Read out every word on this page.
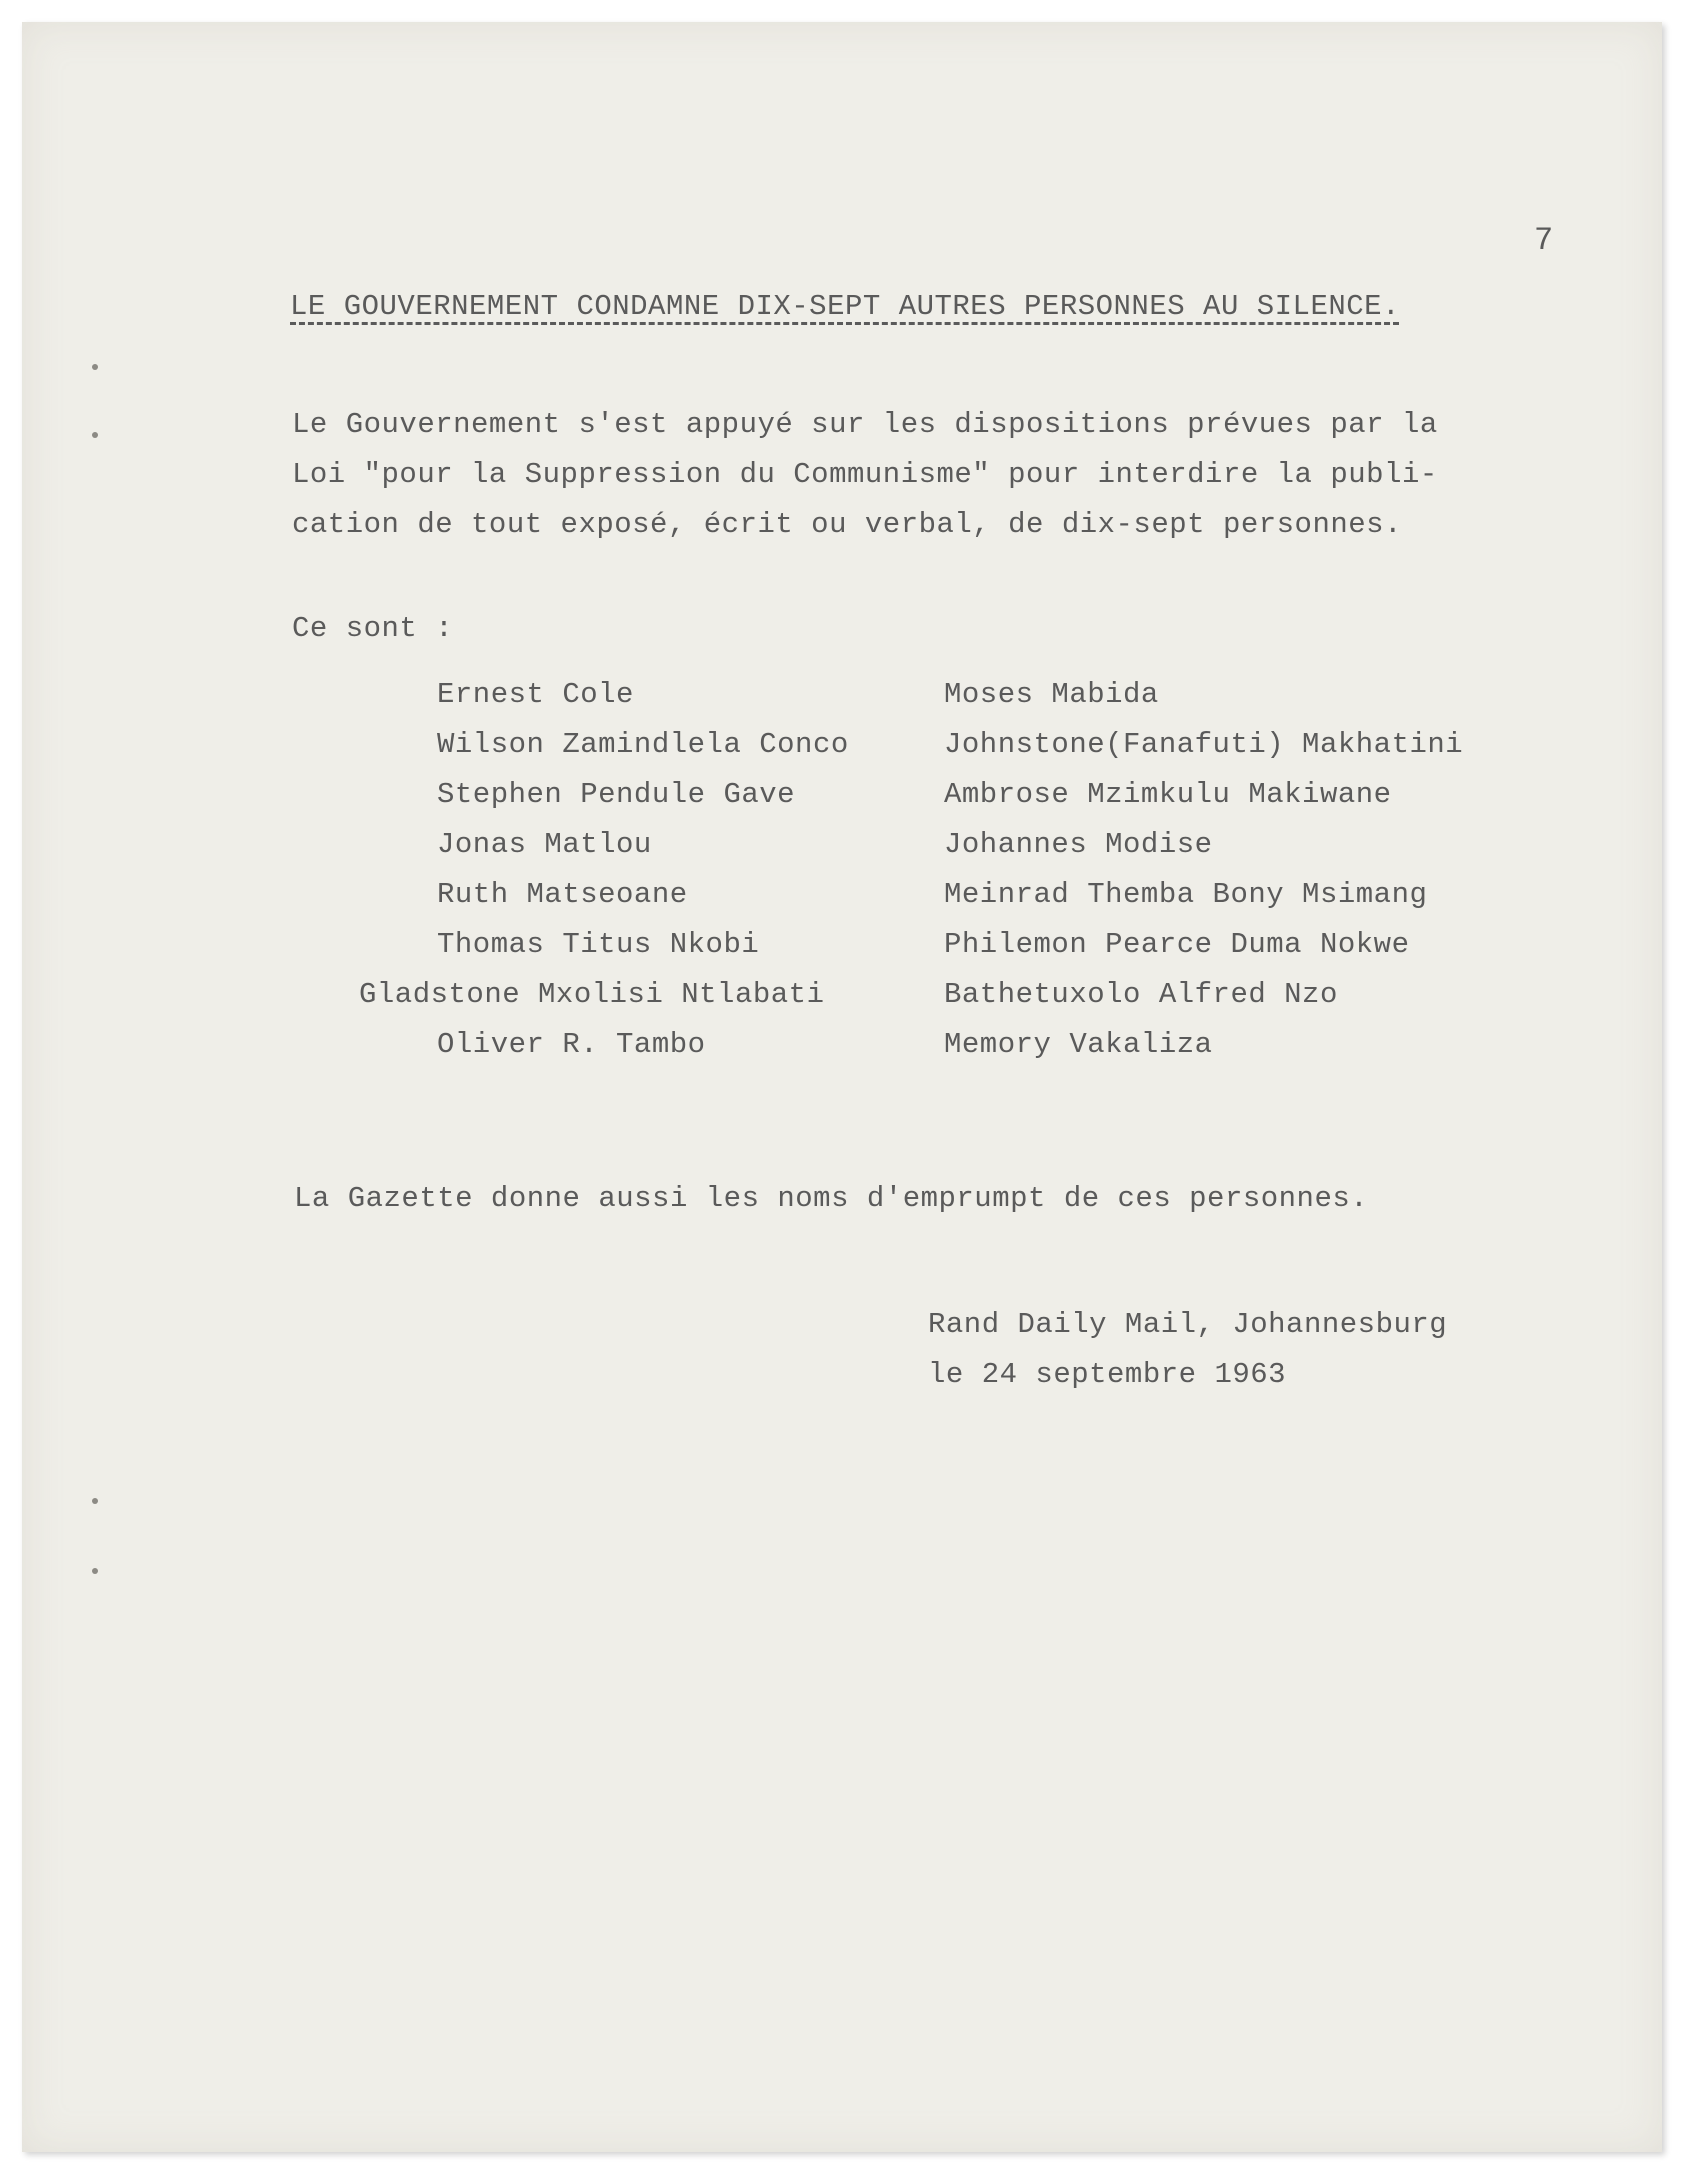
7

LE GOUVERNEMENT CONDAMNE DIX-SEPT AUTRES PERSONNES AU SILENCE.

Le Gouvernement s'est appuyé sur les dispositions prévues par la

Loi "pour la Suppression du Communisme" pour interdire la publi-

cation de tout exposé, écrit ou verbal, de dix-sept personnes.

Ce sont :

Ernest Cole

Wilson Zamindlela Conco

Stephen Pendule Gave

Jonas Matlou

Ruth Matseoane

Thomas Titus Nkobi

Gladstone Mxolisi Ntlabati

Oliver R. Tambo

Moses Mabida

Johnstone(Fanafuti) Makhatini

Ambrose Mzimkulu Makiwane

Johannes Modise

Meinrad Themba Bony Msimang

Philemon Pearce Duma Nokwe

Bathetuxolo Alfred Nzo

Memory Vakaliza

La Gazette donne aussi les noms d'emprumpt de ces personnes.

Rand Daily Mail, Johannesburg

le 24 septembre 1963
